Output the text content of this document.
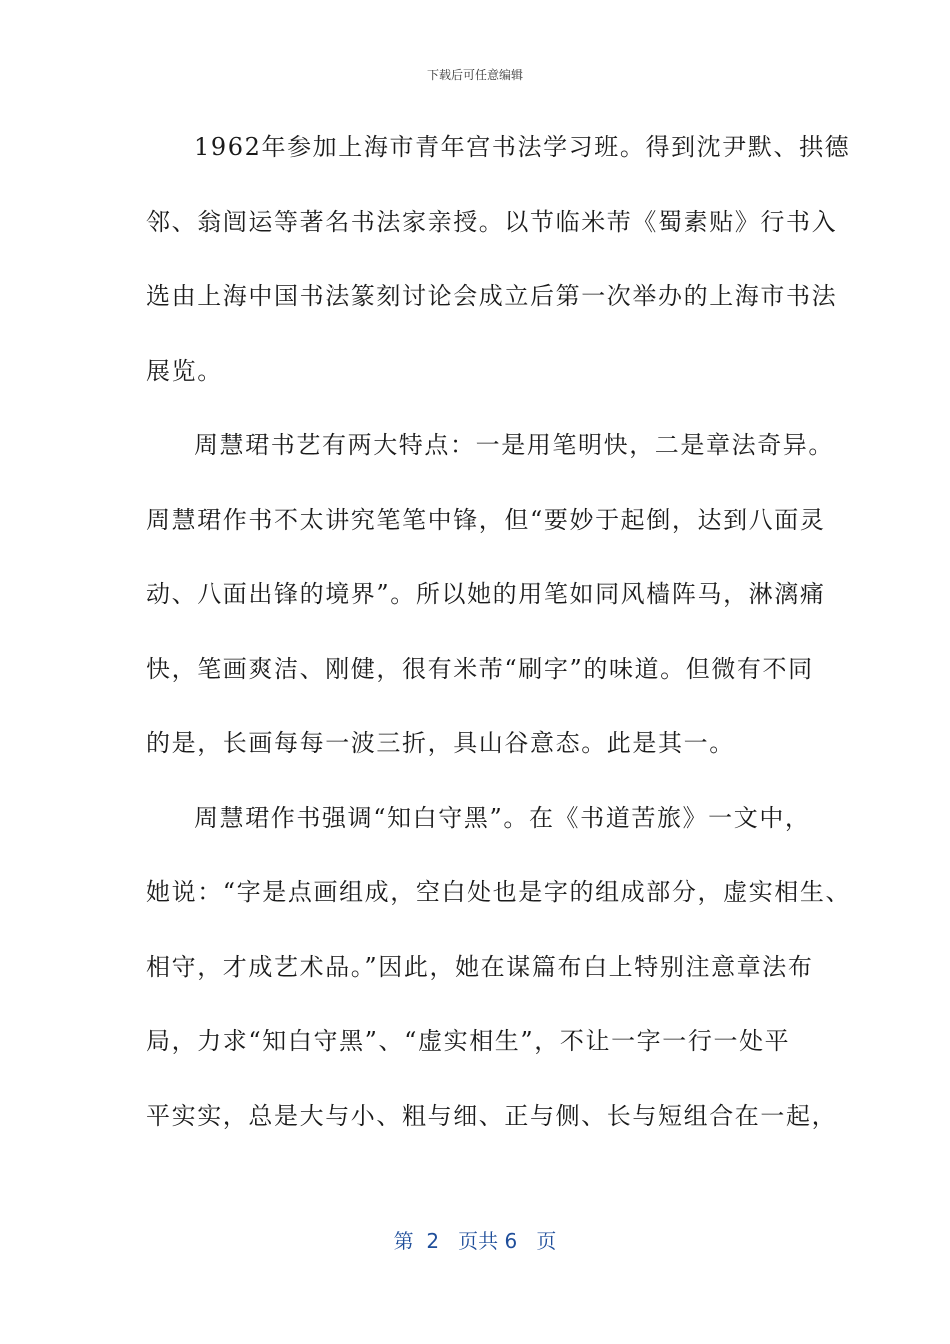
下载后可任意编辑
1962年参加上海市青年宫书法学习班。得到沈尹默、拱德
邻、翁闿运等著名书法家亲授。以节临米芾《蜀素贴》行书入
选由上海中国书法篆刻讨论会成立后第一次举办的上海市书法
展览。
周慧珺书艺有两大特点：一是用笔明快，二是章法奇异。
周慧珺作书不太讲究笔笔中锋，但“要妙于起倒，达到八面灵
动、八面出锋的境界”。所以她的用笔如同风樯阵马，淋漓痛
快，笔画爽洁、刚健，很有米芾“刷字”的味道。但微有不同
的是，长画每每一波三折，具山谷意态。此是其一。
周慧珺作书强调“知白守黑”。在《书道苦旅》一文中，
她说：“字是点画组成，空白处也是字的组成部分，虚实相生、
相守，才成艺术品。”因此，她在谋篇布白上特别注意章法布
局，力求“知白守黑”、“虚实相生”，不让一字一行一处平
平实实，总是大与小、粗与细、正与侧、长与短组合在一起，
第  2   页共 6   页
